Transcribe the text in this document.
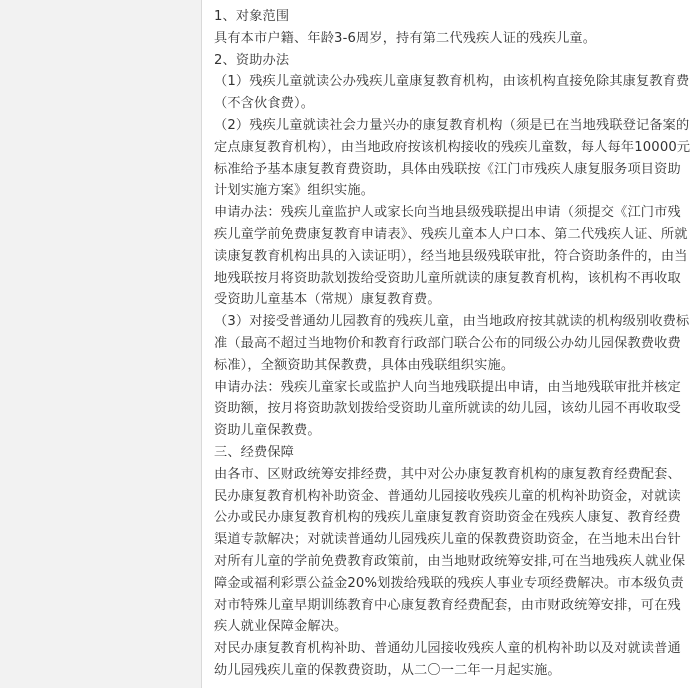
1、对象范围

具有本市户籍、年龄3-6周岁，持有第二代残疾人证的残疾儿童。

2、资助办法

（1）残疾儿童就读公办残疾儿童康复教育机构，由该机构直接免除其康复教育费（不含伙食费）。

（2）残疾儿童就读社会力量兴办的康复教育机构（须是已在当地残联登记备案的定点康复教育机构），由当地政府按该机构接收的残疾儿童数，每人每年10000元标准给予基本康复教育费资助，具体由残联按《江门市残疾人康复服务项目资助计划实施方案》组织实施。

申请办法：残疾儿童监护人或家长向当地县级残联提出申请（须提交《江门市残疾儿童学前免费康复教育申请表》、残疾儿童本人户口本、第二代残疾人证、所就读康复教育机构出具的入读证明），经当地县级残联审批，符合资助条件的，由当地残联按月将资助款划拨给受资助儿童所就读的康复教育机构，该机构不再收取受资助儿童基本（常规）康复教育费。

（3）对接受普通幼儿园教育的残疾儿童，由当地政府按其就读的机构级别收费标准（最高不超过当地物价和教育行政部门联合公布的同级公办幼儿园保教费收费标准），全额资助其保教费，具体由残联组织实施。

申请办法：残疾儿童家长或监护人向当地残联提出申请，由当地残联审批并核定资助额，按月将资助款划拨给受资助儿童所就读的幼儿园，该幼儿园不再收取受资助儿童保教费。

三、经费保障

由各市、区财政统筹安排经费，其中对公办康复教育机构的康复教育经费配套、民办康复教育机构补助资金、普通幼儿园接收残疾儿童的机构补助资金，对就读公办或民办康复教育机构的残疾儿童康复教育资助资金在残疾人康复、教育经费渠道专款解决；对就读普通幼儿园残疾儿童的保教费资助资金，在当地未出台针对所有儿童的学前免费教育政策前，由当地财政统筹安排,可在当地残疾人就业保障金或福利彩票公益金20%划拨给残联的残疾人事业专项经费解决。市本级负责对市特殊儿童早期训练教育中心康复教育经费配套，由市财政统筹安排，可在残疾人就业保障金解决。

对民办康复教育机构补助、普通幼儿园接收残疾人童的机构补助以及对就读普通幼儿园残疾儿童的保教费资助，从二〇一二年一月起实施。
